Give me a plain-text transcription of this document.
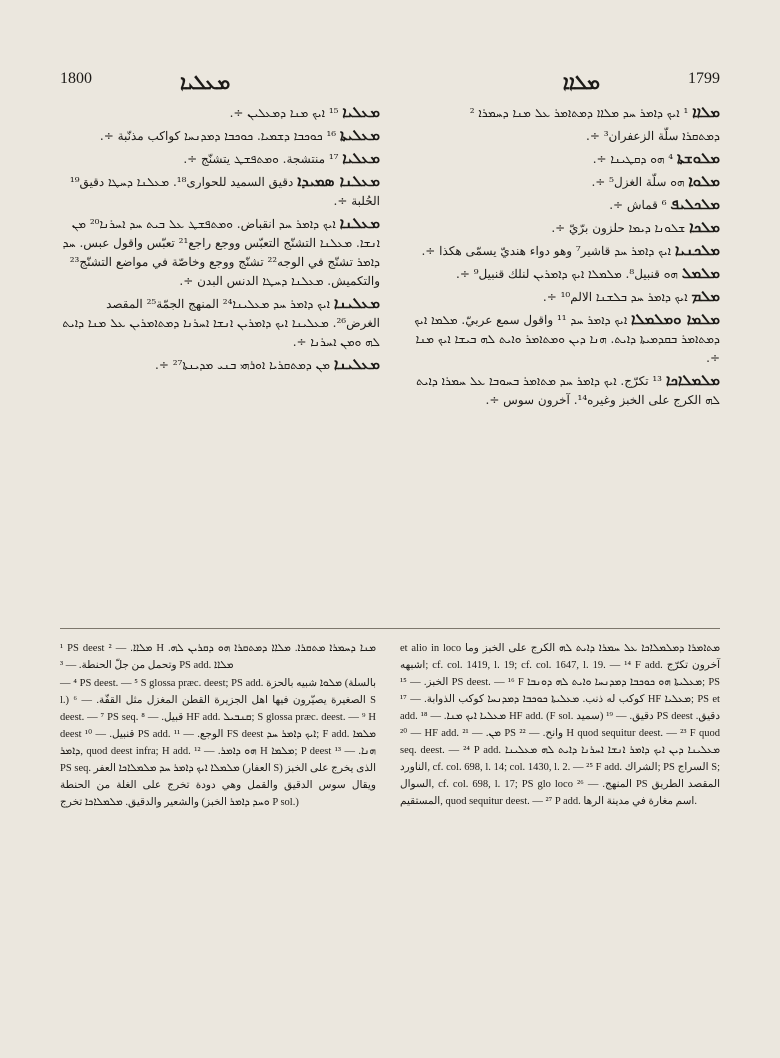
1800	ܡܥܠܝܐ	ܡܠܐܐ	1799

ܡܥܠܝܐ ¹⁵ ܐܝܟ ܡܢܐ ܕܡܥܠܝܢ ÷.

ܡܥܠܝܬܐ ¹⁶ ܟܘܟܒܐ ܕܫܡܝܐ. ܟܘܟܒܐ ܕܡܕܢܚܐ كواكب مذنّبة ÷.

ܡܥܠܝܐ ¹⁷ منتشجة. ܘܡܬܦܫܛ يتشنّج ÷.

ܡܥܠܢܐ ܣܡܝܕܐ دقيق السميد للحوارى¹⁸. ܡܥܠܢܐ ܕܚܛܐ دقيق¹⁹ الحُلبة ÷.

ܡܥܠܢܐ ܐܝܟ ܕܐܡܪ ܚܕ انقباض. ܘܡܬܦܫܛ ܥܠ ܒܝܬ ܚܕ ܐܚܪܢܐ²⁰ ܡܢ ܐܢܫܐ. ܡܥܠܢܐ التشنّج التعبّس ووجع راجع²¹ تعبّس واقول عبس. ܚܕ ܕܐܡܪ تشنّج في الوجه²² تشنّج ووجع وخاصّة في مواضع التشنّج²³ والتكميش. ܡܥܠܢܐ ܕܚܛܐ الدنس البدن ÷.

ܡܥܠܝܢܐ ܐܝܟ ܕܐܡܪ ܚܕ ܡܥܠܝܢܐ²⁴ المنهج الجمّة²⁵ المقصد الغرض²⁶. ܡܥܠܝܢܐ ܐܝܟ ܕܐܡܪܝܢ ܐܢܫܐ ܐܚܪܢܐ ܕܡܬܐܡܪܝܢ ܥܠ ܡܢܐ ܕܐܝܬ ܠܗ ܘܡܢ ܐܚܪܢܐ ÷.

ܡܥܠܝܢܐ ܡܢ ܕܡܬܩܪܝܐ ܐܘܪܗܝ ܒܢܝ ܡܕܝܢܬܐ²⁷ ÷.

ܡܠܐܐ ¹ ܐܝܟ ܕܐܡܪ ܚܕ ܡܠܐܐ ܕܡܬܐܡܪ ܥܠ ܡܢܐ ܕܚܡܪܐ ²

ܕܡܬܩܪܐ سلّة الزعفران³ ÷.

ܡܠܘܫܬܐ ⁴ ܗܘ ܕܩܛܝܢܐ ÷.

ܡܠܘܐ ܗܘ سلّة الغزل⁵ ÷.

ܡܠܟܠܝܦ ⁶ قماش ÷.

ܡܠܟܐ ܫܠܘܢܐ ܕܝܡܐ حلزون برّيّ ÷.

ܡܠܟܢܝܐ ܐܝܟ ܕܐܡܪ ܚܕ قاشير⁷ وهو دواء هنديّ يسمّى هكذا ÷.

ܡܠܡܠ ܗܘ قنبيل⁸. ܡܠܡܠܐ ܐܝܟ ܕܐܡܪܝܢ لنلك قنبيل⁹ ÷.

ܡܠܡ ܐܝܟ ܕܐܡܪ ܚܕ ܒܠܫܢܐ الالم¹⁰ ÷.

ܡܠܡܐ ܘܡܠܡܠܐ ܐܝܟ ܕܐܡܪ ܚܕ ¹¹ واقول سمع عربيّ. ܡܠܡܐ ܐܝܟ ܕܡܬܐܡܪ ܒܩܕܡܝܬܐ ܕܐܝܬ. ܗܢܐ ܕܝܢ ܘܡܬܐܡܪ ܘܐܝܬ ܠܗ ܒܝܫܐ ܐܝܟ ܡܢܐ ÷.

ܡܠܡܠܐܟܐ ¹³ تكرّج. ܐܝܟ ܕܐܡܪ ܚܕ ܡܬܐܡܪ ܒܚܘܒܐ ܥܠ ܚܡܪܐ ܕܐܝܬ ܠܗ الكرج على الخبز وغيره¹⁴. آخرون سوس ÷.

¹ PS deest ܡܠܐܐ. — ² H ܡܢܐ ܕܚܡܪܐ ܡܬܩܪܐ. ܡܠܐܐ ܕܡܬܩܪܐ ܗܘ ܕܩܪܝܢ ܠܗ. وتحمل من جلّ الحنطة. — ³ PS add. ܡܠܐܐ

— ⁴ PS deest. — ⁵ S glossa præc. deest; PS add. ܡܠܘܐ شبيه بالحزة (بالسلة l.) الصغيرة يصيّرون فيها اهل الجزيرة القطن المغزل مثل القفّة. — ⁶ S deest. — ⁷ PS seq. قبيل. — ⁸ HF add. ܩܢܒܝܠ; S glossa præc. deest. — ⁹ H deest قنبيل. — ¹⁰ PS add. الوجع. — ¹¹ FS deest ܐܝܟ ܕܐܡܪ ܚܕ; F add. ܡܠܡܐ ܕܐܡܪ, quod deest infra; H add. ܗܘ ܕܐܡܪ. — ¹² H ܡܠܡܐ; P deest ܗܢܐ. — ¹³ PS seq. ܡܠܡܠܐ ܐܝܟ ܕܐܡܪ ܚܕ ܡܠܡܠܐܟܐ العفر (العفار S) الذى يخرج على الخبز ويقال سوس الدقيق والقمل وهي دودة تخرج على الغلة من الحنطة والشعير والدقيق. ܡܠܡܠܐܟܐ تخرج (ܘܚܕ ܕܐܡܪ الخبز P sol.)

et alio in loco ܡܬܐܡܪܐ ܕܡܠܡܠܐܟܐ ܥܠ ܚܡܪܐ ܕܐܝܬ ܠܗ الكرج على الخبز وما اشبهه; cf. col. 1419, l. 19; cf. col. 1647, l. 19. — ¹⁴ F add. آخرون تكرّج الخبز. — ¹⁵ PS deest. — ¹⁶ F ܡܥܠܝܬܐ ܗܘ ܟܘܟܒܐ ܕܡܕܢܚܐ ܘܐܝܬ ܠܗ ܕܘܢܒܐ; PS كوكب له ذنب. ܡܥܠܝܬܐ ܟܘܟܒܐ ܕܡܕܢܚܐ كوكب الذوابة. — ¹⁷ HF ܡܥܠܝܐ; PS et add. ܡܥܠܝܐ ܐܝܟ ܡܢܐ. — ¹⁸ HF add. (F sol. سميد) دقيق. — ¹⁹ PS deest دقيق. — ²⁰ HF add. ܡܢ. — ²¹ PS وانح. — ²² H quod sequitur deest. — ²³ F quod seq. deest. — ²⁴ P add. ܡܥܠܝܢܐ ܕܝܢ ܐܝܟ ܕܐܡܪ ܐܢܫܐ ܐܚܪܢܐ ܕܐܝܬ ܠܗ ܡܥܠܝܢܐ الناورد, cf. col. 698, l. 14; col. 1430, l. 2. — ²⁵ F add. الشراك; PS السراج S; السوال, cf. col. 698, l. 17; PS glo loco المنهج. — ²⁶ PS المقصد الطريق المستقيم, quod sequitur deest. — ²⁷ P add. اسم مغارة في مدينة الرها.
